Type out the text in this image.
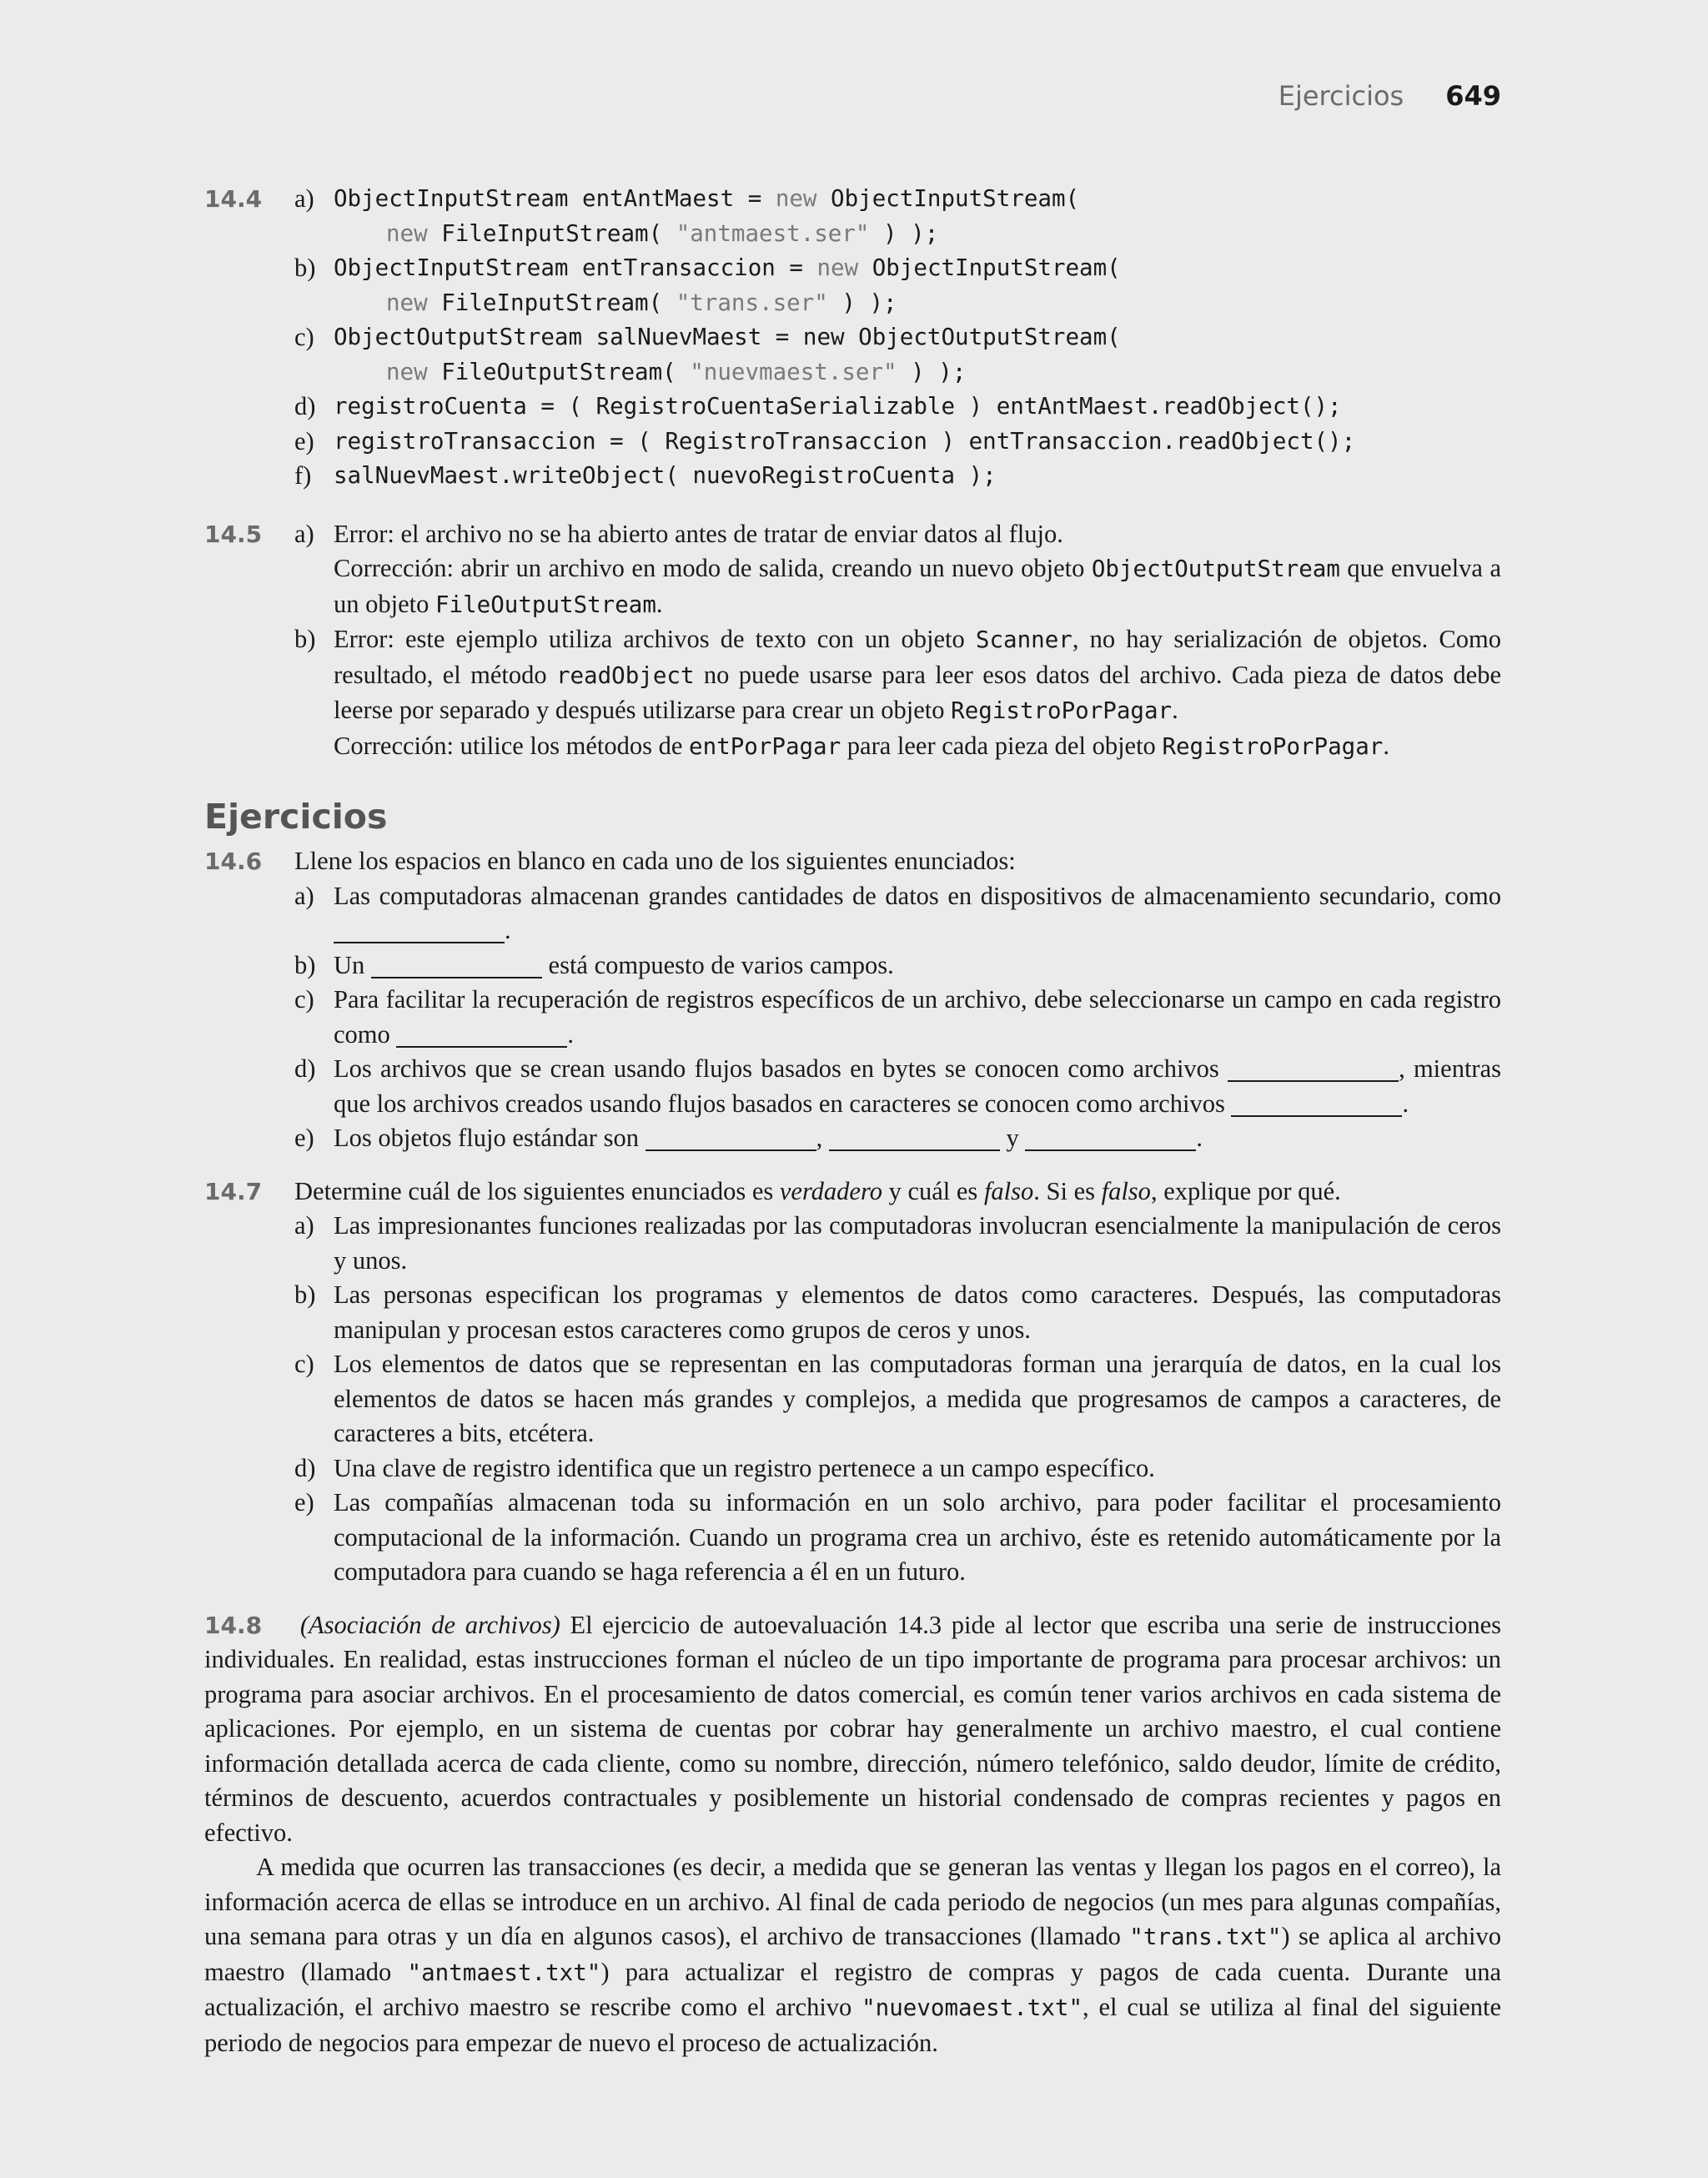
Ejercicios 649
14.4 a) ObjectInputStream entAntMaest = new ObjectInputStream(
new FileInputStream( "antmaest.ser" ) );
b) ObjectInputStream entTransaccion = new ObjectInputStream(
new FileInputStream( "trans.ser" ) );
c) ObjectOutputStream salNuevMaest = new ObjectOutputStream(
new FileOutputStream( "nuevmaest.ser" ) );
d) registroCuenta = ( RegistroCuentaSerializable ) entAntMaest.readObject();
e) registroTransaccion = ( RegistroTransaccion ) entTransaccion.readObject();
f) salNuevMaest.writeObject( nuevoRegistroCuenta );
14.5 a) Error: el archivo no se ha abierto antes de tratar de enviar datos al flujo.
Corrección: abrir un archivo en modo de salida, creando un nuevo objeto ObjectOutputStream que envuelva a un objeto FileOutputStream.
b) Error: este ejemplo utiliza archivos de texto con un objeto Scanner, no hay serialización de objetos. Como resultado, el método readObject no puede usarse para leer esos datos del archivo. Cada pieza de datos debe leerse por separado y después utilizarse para crear un objeto RegistroPorPagar.
Corrección: utilice los métodos de entPorPagar para leer cada pieza del objeto RegistroPorPagar.
Ejercicios
14.6	Llene los espacios en blanco en cada uno de los siguientes enunciados:
a) Las computadoras almacenan grandes cantidades de datos en dispositivos de almacenamiento secundario, como .
b) Un	está compuesto de varios campos.
c) Para facilitar la recuperación de registros específicos de un archivo, debe seleccionarse un campo en cada registro como	.
d) Los archivos que se crean usando flujos basados en bytes se conocen como archivos	, mientras que los archivos creados usando flujos basados en caracteres se conocen como archivos	.
e) Los objetos flujo estándar son	,	y	.
14.7	Determine cuál de los siguientes enunciados es verdadero y cuál es falso. Si es falso, explique por qué.
a) Las impresionantes funciones realizadas por las computadoras involucran esencialmente la manipulación de ceros y unos.
b) Las personas especifican los programas y elementos de datos como caracteres. Después, las computadoras manipulan y procesan estos caracteres como grupos de ceros y unos.
c) Los elementos de datos que se representan en las computadoras forman una jerarquía de datos, en la cual los elementos de datos se hacen más grandes y complejos, a medida que progresamos de campos a caracteres, de caracteres a bits, etcétera.
d) Una clave de registro identifica que un registro pertenece a un campo específico.
e) Las compañías almacenan toda su información en un solo archivo, para poder facilitar el procesamiento computacional de la información. Cuando un programa crea un archivo, éste es retenido automáticamente por la computadora para cuando se haga referencia a él en un futuro.
14.8   (Asociación de archivos) El ejercicio de autoevaluación 14.3 pide al lector que escriba una serie de instrucciones individuales. En realidad, estas instrucciones forman el núcleo de un tipo importante de programa para procesar archivos: un programa para asociar archivos. En el procesamiento de datos comercial, es común tener varios archivos en cada sistema de aplicaciones. Por ejemplo, en un sistema de cuentas por cobrar hay generalmente un archivo maestro, el cual contiene información detallada acerca de cada cliente, como su nombre, dirección, número telefónico, saldo deudor, límite de crédito, términos de descuento, acuerdos contractuales y posiblemente un historial condensado de compras recientes y pagos en efectivo.
A medida que ocurren las transacciones (es decir, a medida que se generan las ventas y llegan los pagos en el correo), la información acerca de ellas se introduce en un archivo. Al final de cada periodo de negocios (un mes para algunas compañías, una semana para otras y un día en algunos casos), el archivo de transacciones (llamado "trans.txt") se aplica al archivo maestro (llamado "antmaest.txt") para actualizar el registro de compras y pagos de cada cuenta. Durante una actualización, el archivo maestro se rescribe como el archivo "nuevomaest.txt", el cual se utiliza al final del siguiente periodo de negocios para empezar de nuevo el proceso de actualización.
